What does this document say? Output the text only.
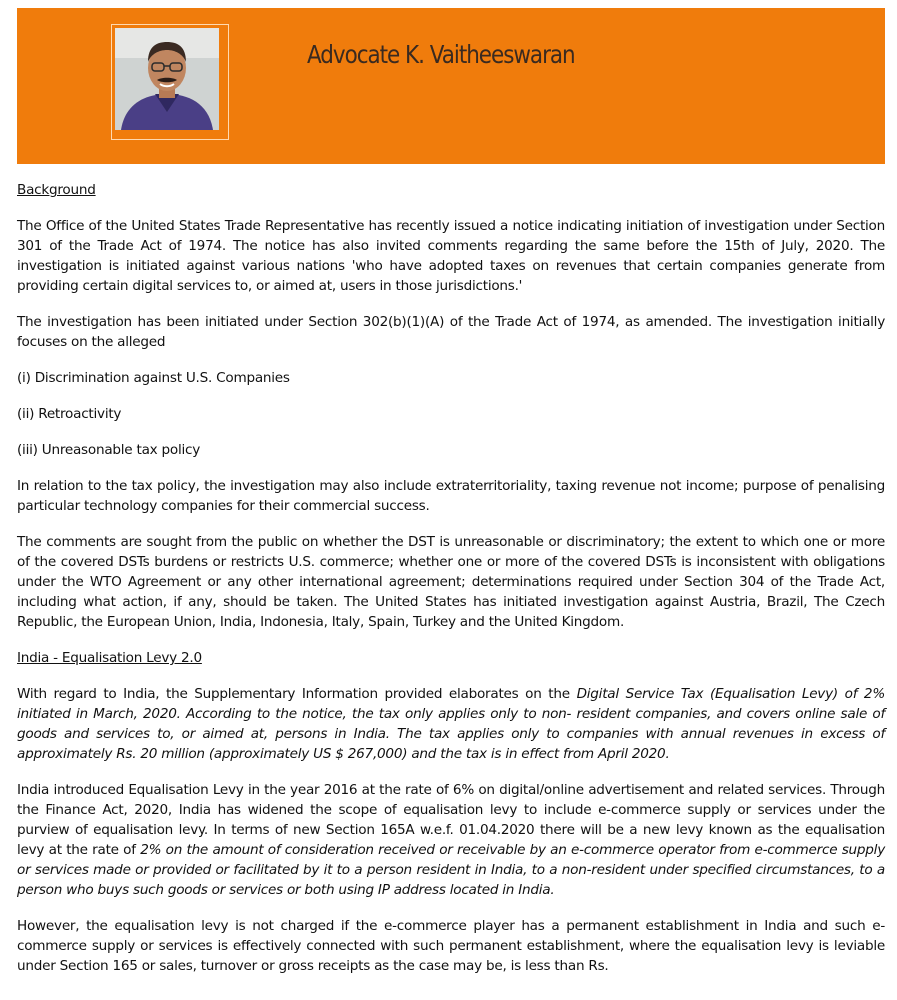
Advocate K. Vaitheeswaran

Background

The Office of the United States Trade Representative has recently issued a notice indicating initiation of investigation under Section 301 of the Trade Act of 1974. The notice has also invited comments regarding the same before the 15th of July, 2020. The investigation is initiated against various nations 'who have adopted taxes on revenues that certain companies generate from providing certain digital services to, or aimed at, users in those jurisdictions.'

The investigation has been initiated under Section 302(b)(1)(A) of the Trade Act of 1974, as amended. The investigation initially focuses on the alleged

(i) Discrimination against U.S. Companies

(ii) Retroactivity

(iii) Unreasonable tax policy

In relation to the tax policy, the investigation may also include extraterritoriality, taxing revenue not income; purpose of penalising particular technology companies for their commercial success.

The comments are sought from the public on whether the DST is unreasonable or discriminatory; the extent to which one or more of the covered DSTs burdens or restricts U.S. commerce; whether one or more of the covered DSTs is inconsistent with obligations under the WTO Agreement or any other international agreement; determinations required under Section 304 of the Trade Act, including what action, if any, should be taken. The United States has initiated investigation against Austria, Brazil, The Czech Republic, the European Union, India, Indonesia, Italy, Spain, Turkey and the United Kingdom.

India - Equalisation Levy 2.0

With regard to India, the Supplementary Information provided elaborates on the Digital Service Tax (Equalisation Levy) of 2% initiated in March, 2020. According to the notice, the tax only applies only to non- resident companies, and covers online sale of goods and services to, or aimed at, persons in India. The tax applies only to companies with annual revenues in excess of approximately Rs. 20 million (approximately US $ 267,000) and the tax is in effect from April 2020.

India introduced Equalisation Levy in the year 2016 at the rate of 6% on digital/online advertisement and related services. Through the Finance Act, 2020, India has widened the scope of equalisation levy to include e-commerce supply or services under the purview of equalisation levy. In terms of new Section 165A w.e.f. 01.04.2020 there will be a new levy known as the equalisation levy at the rate of 2% on the amount of consideration received or receivable by an e-commerce operator from e-commerce supply or services made or provided or facilitated by it to a person resident in India, to a non-resident under specified circumstances, to a person who buys such goods or services or both using IP address located in India.

However, the equalisation levy is not charged if the e-commerce player has a permanent establishment in India and such e-commerce supply or services is effectively connected with such permanent establishment, where the equalisation levy is leviable under Section 165 or sales, turnover or gross receipts as the case may be, is less than Rs.
